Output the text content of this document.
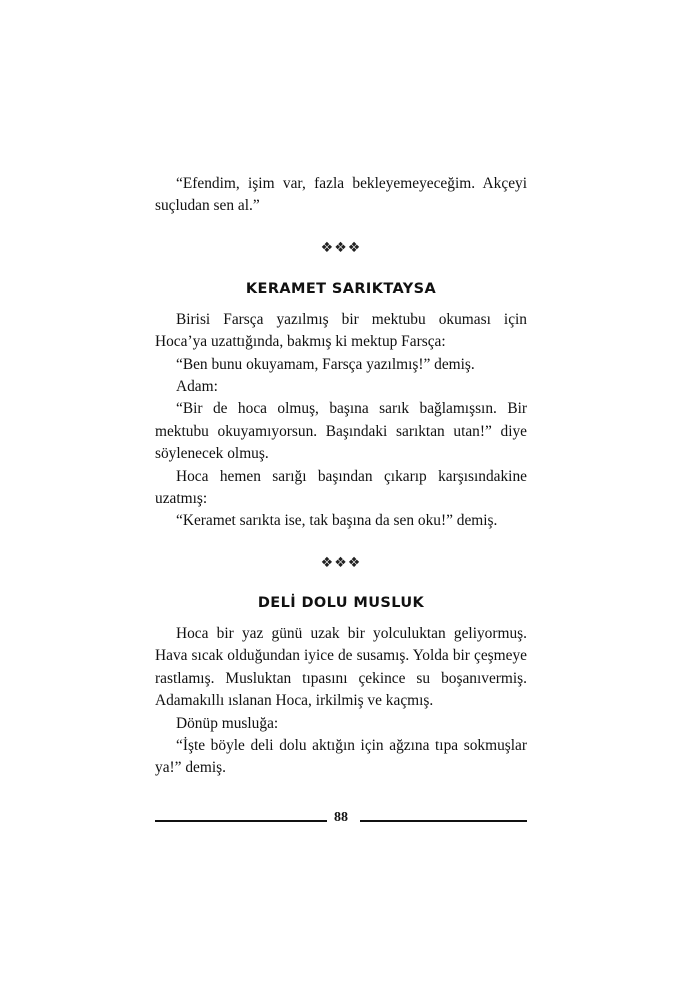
“Efendim, işim var, fazla bekleyemeyeceğim. Akçeyi suçludan sen al.”

❖❖❖

KERAMET SARIKTAYSA

Birisi Farsça yazılmış bir mektubu okuması için Hoca’ya uzattığında, bakmış ki mektup Farsça:

“Ben bunu okuyamam, Farsça yazılmış!” demiş.

Adam:

“Bir de hoca olmuş, başına sarık bağlamışsın. Bir mektubu okuyamıyorsun. Başındaki sarıktan utan!” diye söylenecek olmuş.

Hoca hemen sarığı başından çıkarıp karşısındakine uzatmış:

“Keramet sarıkta ise, tak başına da sen oku!” demiş.

❖❖❖

DELİ DOLU MUSLUK

Hoca bir yaz günü uzak bir yolculuktan geliyormuş. Hava sıcak olduğundan iyice de susamış. Yolda bir çeşmeye rastlamış. Musluktan tıpasını çekince su boşanıvermiş. Adamakıllı ıslanan Hoca, irkilmiş ve kaçmış.

Dönüp musluğa:

“İşte böyle deli dolu aktığın için ağzına tıpa sokmuşlar ya!” demiş.

88
